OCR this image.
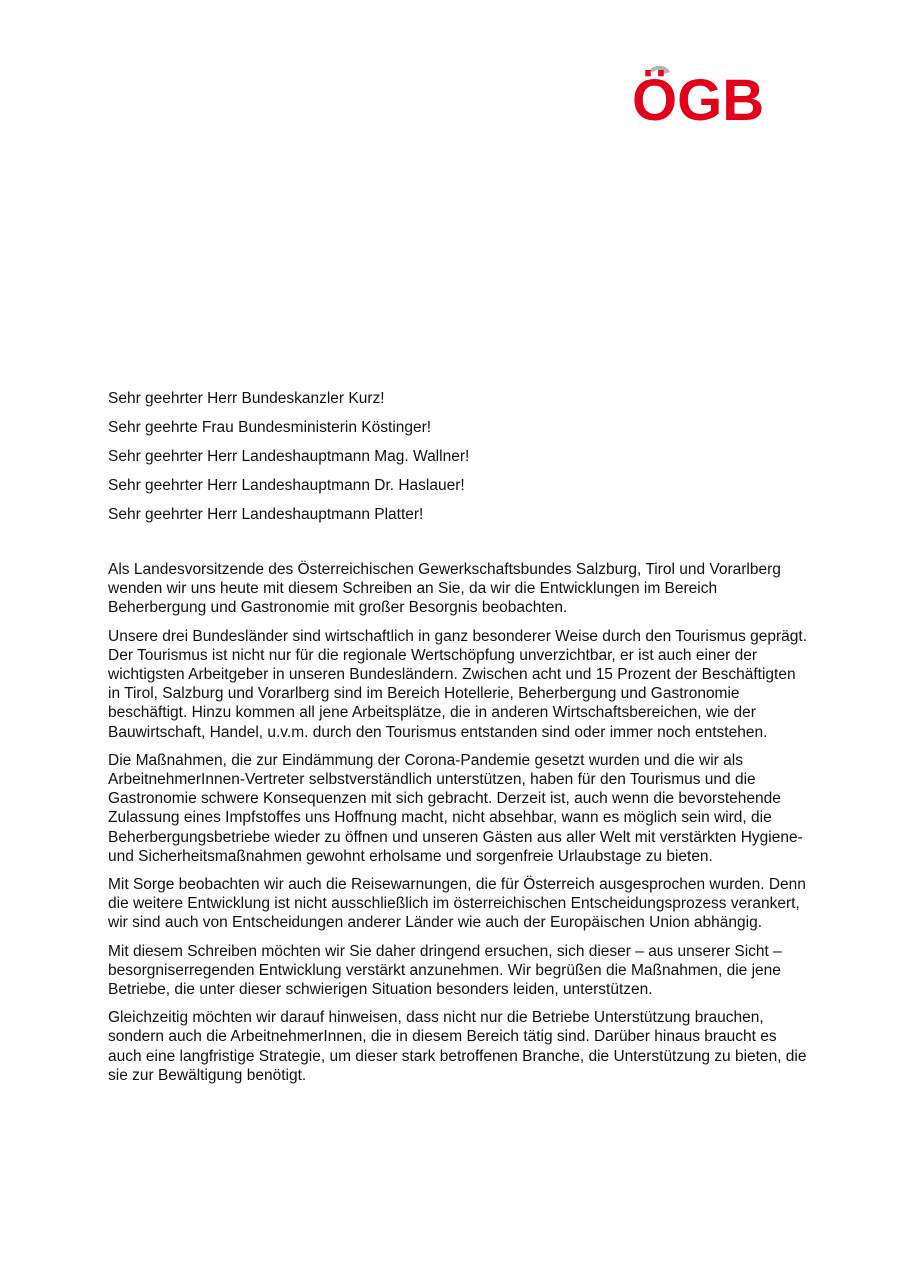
ÖGB
Sehr geehrter Herr Bundeskanzler Kurz!
Sehr geehrte Frau Bundesministerin Köstinger!
Sehr geehrter Herr Landeshauptmann Mag. Wallner!
Sehr geehrter Herr Landeshauptmann Dr. Haslauer!
Sehr geehrter Herr Landeshauptmann Platter!

Als Landesvorsitzende des Österreichischen Gewerkschaftsbundes Salzburg, Tirol und Vorarlberg wenden wir uns heute mit diesem Schreiben an Sie, da wir die Entwicklungen im Bereich Beherbergung und Gastronomie mit großer Besorgnis beobachten.

Unsere drei Bundesländer sind wirtschaftlich in ganz besonderer Weise durch den Tourismus geprägt. Der Tourismus ist nicht nur für die regionale Wertschöpfung unverzichtbar, er ist auch einer der wichtigsten Arbeitgeber in unseren Bundesländern. Zwischen acht und 15 Prozent der Beschäftigten in Tirol, Salzburg und Vorarlberg sind im Bereich Hotellerie, Beherbergung und Gastronomie beschäftigt. Hinzu kommen all jene Arbeitsplätze, die in anderen Wirtschaftsbereichen, wie der Bauwirtschaft, Handel, u.v.m. durch den Tourismus entstanden sind oder immer noch entstehen.

Die Maßnahmen, die zur Eindämmung der Corona-Pandemie gesetzt wurden und die wir als ArbeitnehmerInnen-Vertreter selbstverständlich unterstützen, haben für den Tourismus und die Gastronomie schwere Konsequenzen mit sich gebracht. Derzeit ist, auch wenn die bevorstehende Zulassung eines Impfstoffes uns Hoffnung macht, nicht absehbar, wann es möglich sein wird, die Beherbergungsbetriebe wieder zu öffnen und unseren Gästen aus aller Welt mit verstärkten Hygiene- und Sicherheitsmaßnahmen gewohnt erholsame und sorgenfreie Urlaubstage zu bieten.

Mit Sorge beobachten wir auch die Reisewarnungen, die für Österreich ausgesprochen wurden. Denn die weitere Entwicklung ist nicht ausschließlich im österreichischen Entscheidungsprozess verankert, wir sind auch von Entscheidungen anderer Länder wie auch der Europäischen Union abhängig.

Mit diesem Schreiben möchten wir Sie daher dringend ersuchen, sich dieser – aus unserer Sicht – besorgniserregenden Entwicklung verstärkt anzunehmen. Wir begrüßen die Maßnahmen, die jene Betriebe, die unter dieser schwierigen Situation besonders leiden, unterstützen.

Gleichzeitig möchten wir darauf hinweisen, dass nicht nur die Betriebe Unterstützung brauchen, sondern auch die ArbeitnehmerInnen, die in diesem Bereich tätig sind. Darüber hinaus braucht es auch eine langfristige Strategie, um dieser stark betroffenen Branche, die Unterstützung zu bieten, die sie zur Bewältigung benötigt.
